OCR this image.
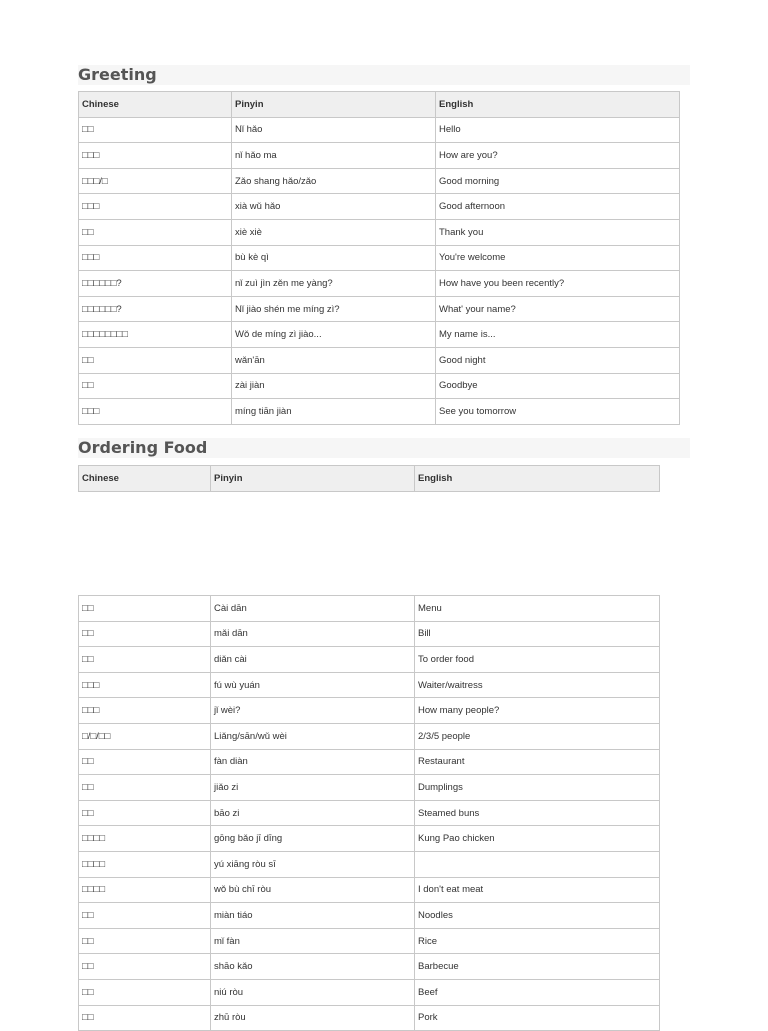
Greeting
Chinese	Pinyin	English
□□	Nǐ hǎo	Hello
□□□	nǐ hǎo ma	How are you?
□□□/□	Zǎo shang hǎo/zǎo	Good morning
□□□	xià wǔ hǎo	Good afternoon
□□	xiè xiè	Thank you
□□□	bù kè qì	You're welcome
□□□□□□?	nǐ zuì jìn zěn me yàng?	How have you been recently?
□□□□□□?	Nǐ jiào shén me míng zì?	What' your name?
□□□□□□□□	Wǒ de míng zì jiào...	My name is...
□□	wǎn'ān	Good night
□□	zài jiàn	Goodbye
□□□	míng tiān jiàn	See you tomorrow
Ordering Food
Chinese	Pinyin	English
□□	Cài dān	Menu
□□	mǎi dān	Bill
□□	diǎn cài	To order food
□□□	fú wù yuán	Waiter/waitress
□□□	jǐ wèi?	How many people?
□/□/□□	Liǎng/sān/wǔ wèi	2/3/5 people
□□	fàn diàn	Restaurant
□□	jiǎo zi	Dumplings
□□	bāo zi	Steamed buns
□□□□	gōng bǎo jī dīng	Kung Pao chicken
□□□□	yú xiāng ròu sī	
□□□□	wǒ bù chī ròu	I don't eat meat
□□	miàn tiáo	Noodles
□□	mǐ fàn	Rice
□□	shāo kǎo	Barbecue
□□	niú ròu	Beef
□□	zhū ròu	Pork
